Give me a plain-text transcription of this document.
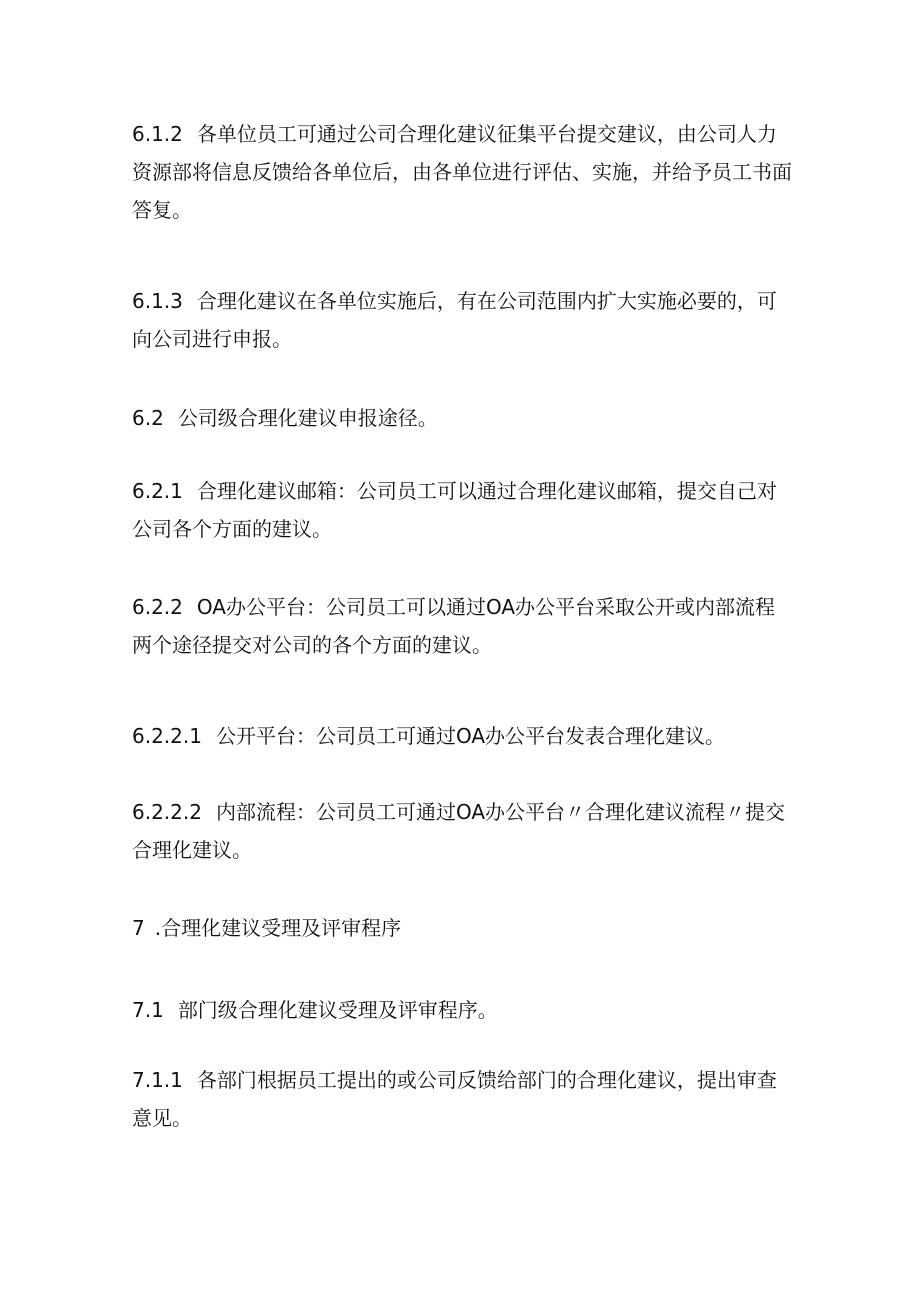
6.1.2 各单位员工可通过公司合理化建议征集平台提交建议，由公司人力资源部将信息反馈给各单位后，由各单位进行评估、实施，并给予员工书面答复。

6.1.3 合理化建议在各单位实施后，有在公司范围内扩大实施必要的，可向公司进行申报。

6.2 公司级合理化建议申报途径。

6.2.1 合理化建议邮箱：公司员工可以通过合理化建议邮箱，提交自己对公司各个方面的建议。

6.2.2 OA办公平台：公司员工可以通过OA办公平台采取公开或内部流程两个途径提交对公司的各个方面的建议。

6.2.2.1 公开平台：公司员工可通过OA办公平台发表合理化建议。

6.2.2.2 内部流程：公司员工可通过OA办公平台〃合理化建议流程〃提交合理化建议。

7 .合理化建议受理及评审程序

7.1 部门级合理化建议受理及评审程序。

7.1.1 各部门根据员工提出的或公司反馈给部门的合理化建议，提出审查意见。
